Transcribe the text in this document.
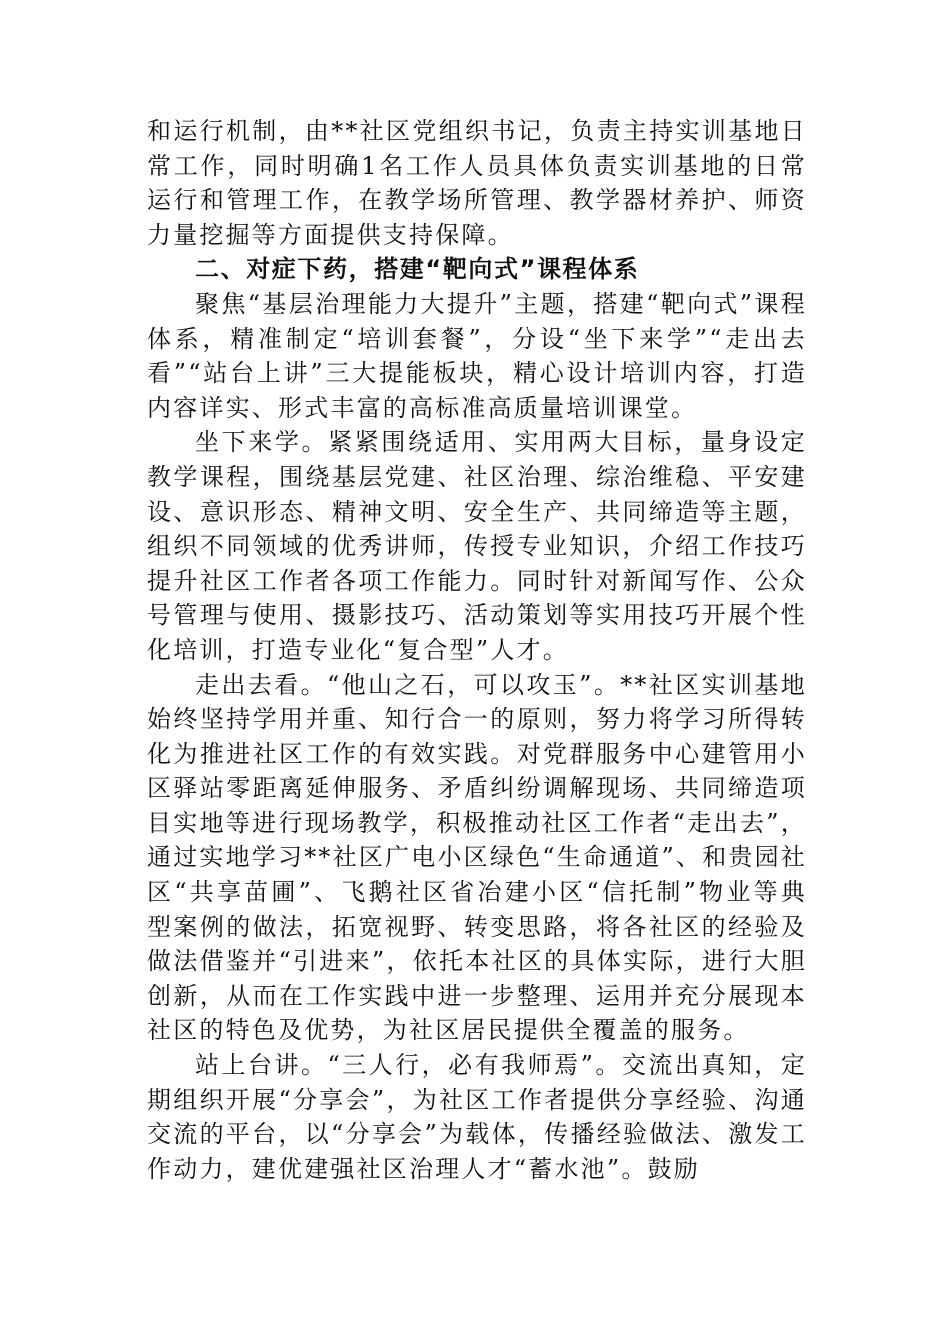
和运行机制，由**社区党组织书记，负责主持实训基地日常工作，同时明确1名工作人员具体负责实训基地的日常运行和管理工作，在教学场所管理、教学器材养护、师资力量挖掘等方面提供支持保障。

二、对症下药，搭建“靶向式”课程体系

聚焦“基层治理能力大提升”主题，搭建“靶向式”课程体系，精准制定“培训套餐”，分设“坐下来学”“走出去看”“站台上讲”三大提能板块，精心设计培训内容，打造内容详实、形式丰富的高标准高质量培训课堂。

坐下来学。紧紧围绕适用、实用两大目标，量身设定教学课程，围绕基层党建、社区治理、综治维稳、平安建设、意识形态、精神文明、安全生产、共同缔造等主题，组织不同领域的优秀讲师，传授专业知识，介绍工作技巧提升社区工作者各项工作能力。同时针对新闻写作、公众号管理与使用、摄影技巧、活动策划等实用技巧开展个性化培训，打造专业化“复合型”人才。

走出去看。“他山之石，可以攻玉”。**社区实训基地始终坚持学用并重、知行合一的原则，努力将学习所得转化为推进社区工作的有效实践。对党群服务中心建管用小区驿站零距离延伸服务、矛盾纠纷调解现场、共同缔造项目实地等进行现场教学，积极推动社区工作者“走出去”，通过实地学习**社区广电小区绿色“生命通道”、和贵园社区“共享苗圃”、飞鹅社区省冶建小区“信托制”物业等典型案例的做法，拓宽视野、转变思路，将各社区的经验及做法借鉴并“引进来”，依托本社区的具体实际，进行大胆创新，从而在工作实践中进一步整理、运用并充分展现本社区的特色及优势，为社区居民提供全覆盖的服务。

站上台讲。“三人行，必有我师焉”。交流出真知，定期组织开展“分享会”，为社区工作者提供分享经验、沟通交流的平台，以“分享会”为载体，传播经验做法、激发工作动力，建优建强社区治理人才“蓄水池”。鼓励
